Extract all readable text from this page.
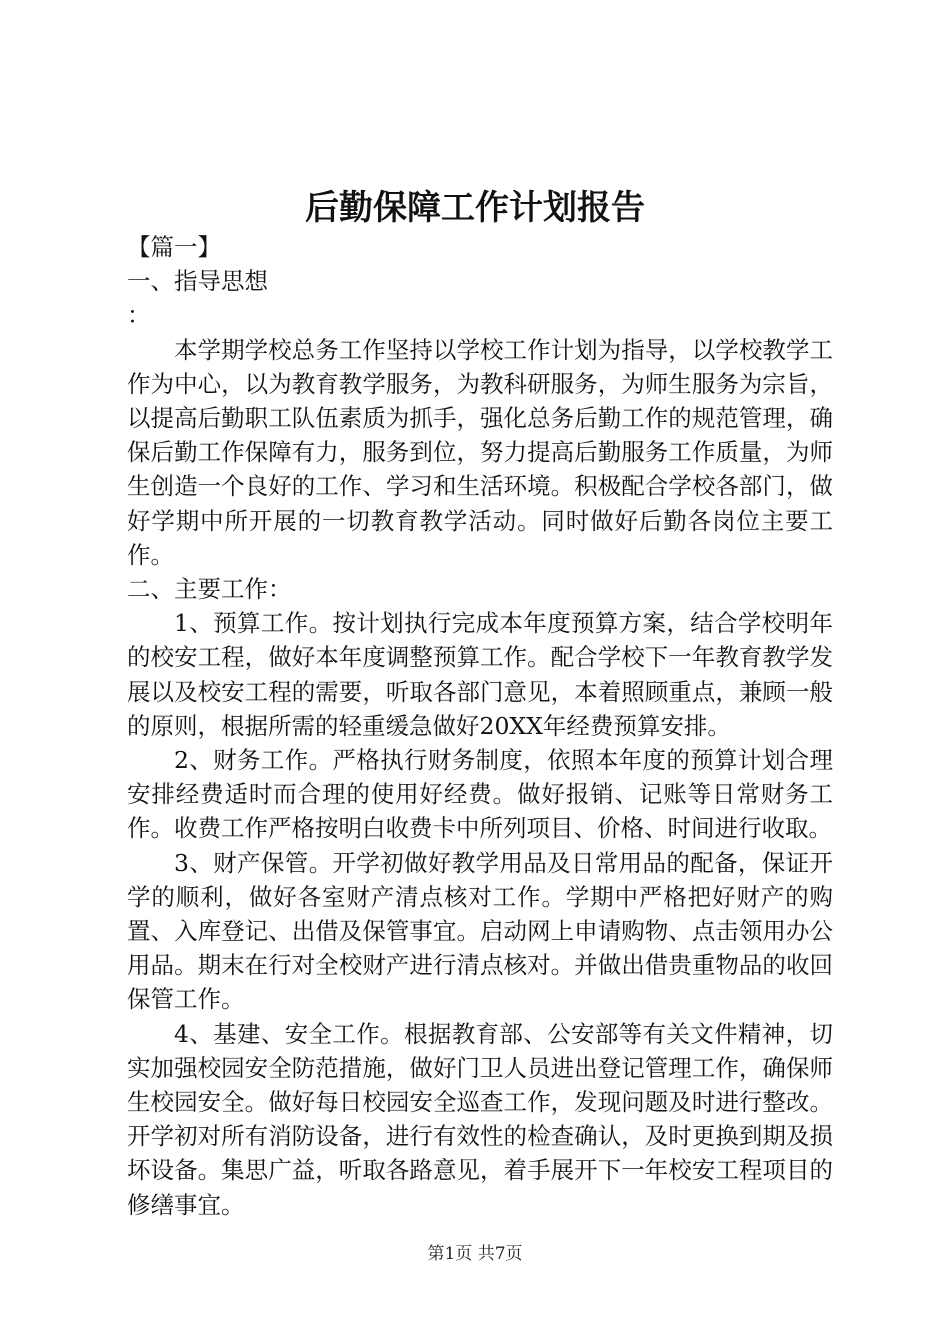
后勤保障工作计划报告

【篇一】

一、指导思想

：

本学期学校总务工作坚持以学校工作计划为指导，以学校教学工作为中心，以为教育教学服务，为教科研服务，为师生服务为宗旨，以提高后勤职工队伍素质为抓手，强化总务后勤工作的规范管理，确保后勤工作保障有力，服务到位，努力提高后勤服务工作质量，为师生创造一个良好的工作、学习和生活环境。积极配合学校各部门，做好学期中所开展的一切教育教学活动。同时做好后勤各岗位主要工作。

二、主要工作：

1、预算工作。按计划执行完成本年度预算方案，结合学校明年的校安工程，做好本年度调整预算工作。配合学校下一年教育教学发展以及校安工程的需要，听取各部门意见，本着照顾重点，兼顾一般的原则，根据所需的轻重缓急做好20XX年经费预算安排。

2、财务工作。严格执行财务制度，依照本年度的预算计划合理安排经费适时而合理的使用好经费。做好报销、记账等日常财务工作。收费工作严格按明白收费卡中所列项目、价格、时间进行收取。

3、财产保管。开学初做好教学用品及日常用品的配备，保证开学的顺利，做好各室财产清点核对工作。学期中严格把好财产的购置、入库登记、出借及保管事宜。启动网上申请购物、点击领用办公用品。期末在行对全校财产进行清点核对。并做出借贵重物品的收回保管工作。

4、基建、安全工作。根据教育部、公安部等有关文件精神，切实加强校园安全防范措施，做好门卫人员进出登记管理工作，确保师生校园安全。做好每日校园安全巡查工作，发现问题及时进行整改。开学初对所有消防设备，进行有效性的检查确认，及时更换到期及损坏设备。集思广益，听取各路意见，着手展开下一年校安工程项目的修缮事宜。

第1页 共7页
